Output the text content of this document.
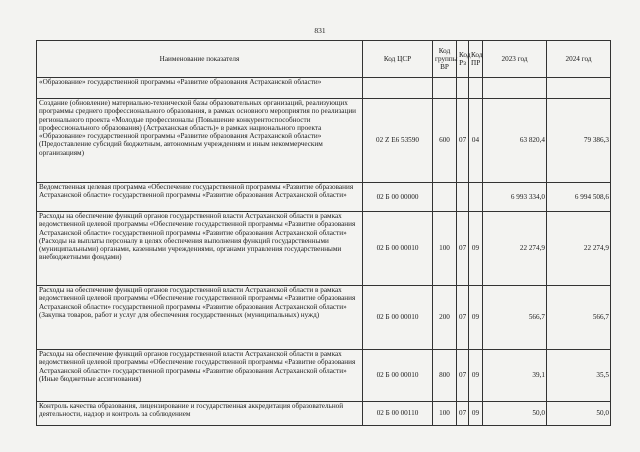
831
Наименование показателя	Код ЦСР	Код группы ВР	Код Рз	Код ПР	2023 год	2024 год
«Образование» государственной программы «Развитие образования Астраханской области»						
Создание (обновление) материально-технической базы образовательных организаций, реализующих программы среднего профессионального образования, в рамках основного мероприятия по реализации регионального проекта «Молодые профессионалы (Повышение конкурентоспособности профессионального образования) (Астраханская область)» в рамках национального проекта «Образование» государственной программы «Развитие образования Астраханской области» (Предоставление субсидий бюджетным, автономным учреждениям и иным некоммерческим организациям)	02 Z E6 53590	600	07	04	63 820,4	79 386,3
Ведомственная целевая программа «Обеспечение государственной программы «Развитие образования Астраханской области» государственной программы «Развитие образования Астраханской области»	02 Б 00 00000				6 993 334,0	6 994 508,6
Расходы на обеспечение функций органов государственной власти Астраханской области в рамках ведомственной целевой программы «Обеспечение государственной программы «Развитие образования Астраханской области» государственной программы «Развитие образования Астраханской области» (Расходы на выплаты персоналу в целях обеспечения выполнения функций государственными (муниципальными) органами, казенными учреждениями, органами управления государственными внебюджетными фондами)	02 Б 00 00010	100	07	09	22 274,9	22 274,9
Расходы на обеспечение функций органов государственной власти Астраханской области в рамках ведомственной целевой программы «Обеспечение государственной программы «Развитие образования Астраханской области» государственной программы «Развитие образования Астраханской области» (Закупка товаров, работ и услуг для обеспечения государственных (муниципальных) нужд)	02 Б 00 00010	200	07	09	566,7	566,7
Расходы на обеспечение функций органов государственной власти Астраханской области в рамках ведомственной целевой программы «Обеспечение государственной программы «Развитие образования Астраханской области» государственной программы «Развитие образования Астраханской области» (Иные бюджетные ассигнования)	02 Б 00 00010	800	07	09	39,1	35,5
Контроль качества образования, лицензирование и государственная аккредитация образовательной деятельности, надзор и контроль за соблюдением	02 Б 00 00110	100	07	09	50,0	50,0
